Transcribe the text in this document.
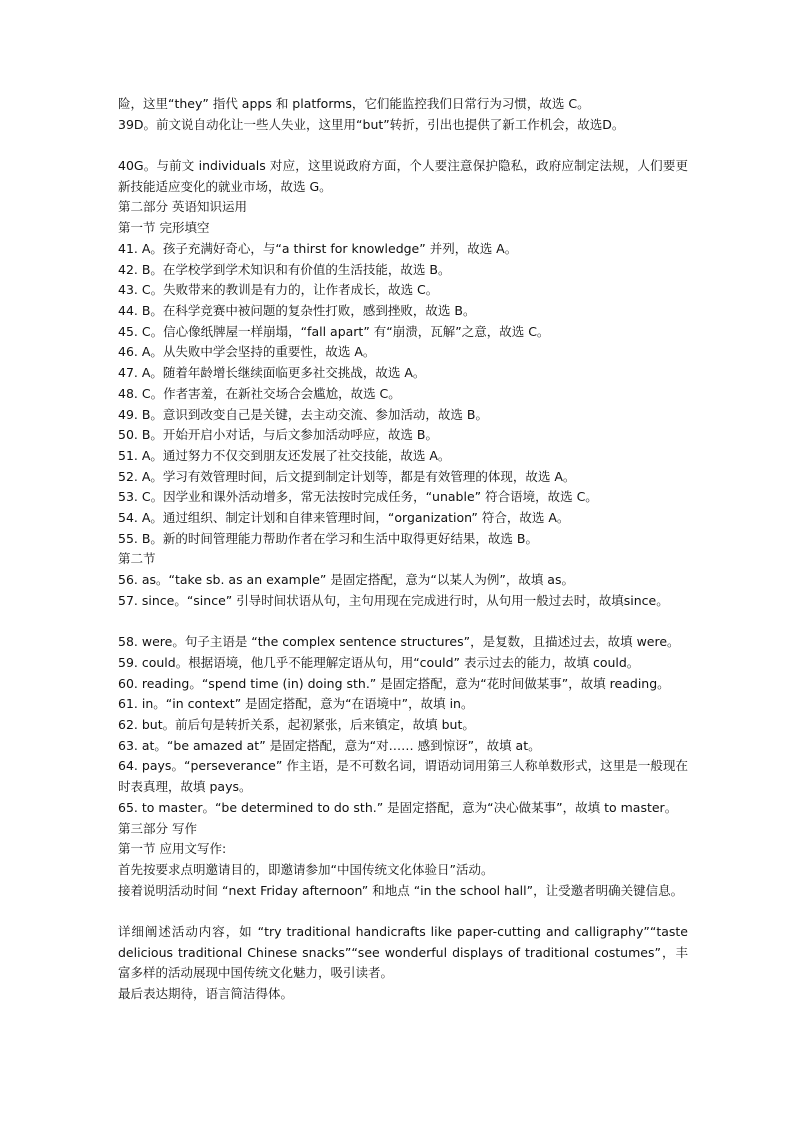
险，这里“they” 指代 apps 和 platforms，它们能监控我们日常行为习惯，故选 C。
39D。前文说自动化让一些人失业，这里用“but”转折，引出也提供了新工作机会，故选D。
40G。与前文 individuals 对应，这里说政府方面，个人要注意保护隐私，政府应制定法规，人们要更新技能适应变化的就业市场，故选 G。
第二部分 英语知识运用
第一节 完形填空
41. A。孩子充满好奇心，与“a thirst for knowledge” 并列，故选 A。
42. B。在学校学到学术知识和有价值的生活技能，故选 B。
43. C。失败带来的教训是有力的，让作者成长，故选 C。
44. B。在科学竞赛中被问题的复杂性打败，感到挫败，故选 B。
45. C。信心像纸牌屋一样崩塌，“fall apart” 有“崩溃，瓦解”之意，故选 C。
46. A。从失败中学会坚持的重要性，故选 A。
47. A。随着年龄增长继续面临更多社交挑战，故选 A。
48. C。作者害羞，在新社交场合会尴尬，故选 C。
49. B。意识到改变自己是关键，去主动交流、参加活动，故选 B。
50. B。开始开启小对话，与后文参加活动呼应，故选 B。
51. A。通过努力不仅交到朋友还发展了社交技能，故选 A。
52. A。学习有效管理时间，后文提到制定计划等，都是有效管理的体现，故选 A。
53. C。因学业和课外活动增多，常无法按时完成任务，“unable” 符合语境，故选 C。
54. A。通过组织、制定计划和自律来管理时间，“organization” 符合，故选 A。
55. B。新的时间管理能力帮助作者在学习和生活中取得更好结果，故选 B。
第二节
56. as。“take sb. as an example” 是固定搭配，意为“以某人为例”，故填 as。
57. since。“since” 引导时间状语从句，主句用现在完成进行时，从句用一般过去时，故填since。
58. were。句子主语是 “the complex sentence structures”，是复数，且描述过去，故填 were。
59. could。根据语境，他几乎不能理解定语从句，用“could” 表示过去的能力，故填 could。
60. reading。“spend time (in) doing sth.” 是固定搭配，意为“花时间做某事”，故填 reading。
61. in。“in context” 是固定搭配，意为“在语境中”，故填 in。
62. but。前后句是转折关系，起初紧张，后来镇定，故填 but。
63. at。“be amazed at” 是固定搭配，意为“对…… 感到惊讶”，故填 at。
64. pays。“perseverance” 作主语，是不可数名词，谓语动词用第三人称单数形式，这里是一般现在时表真理，故填 pays。
65. to master。“be determined to do sth.” 是固定搭配，意为“决心做某事”，故填 to master。
第三部分 写作
第一节 应用文写作:
首先按要求点明邀请目的，即邀请参加“中国传统文化体验日”活动。
接着说明活动时间 “next Friday afternoon” 和地点 “in the school hall”，让受邀者明确关键信息。
详细阐述活动内容，如 “try traditional handicrafts like paper-cutting and calligraphy”“taste delicious traditional Chinese snacks”“see wonderful displays of traditional costumes”，丰富多样的活动展现中国传统文化魅力，吸引读者。
最后表达期待，语言简洁得体。
